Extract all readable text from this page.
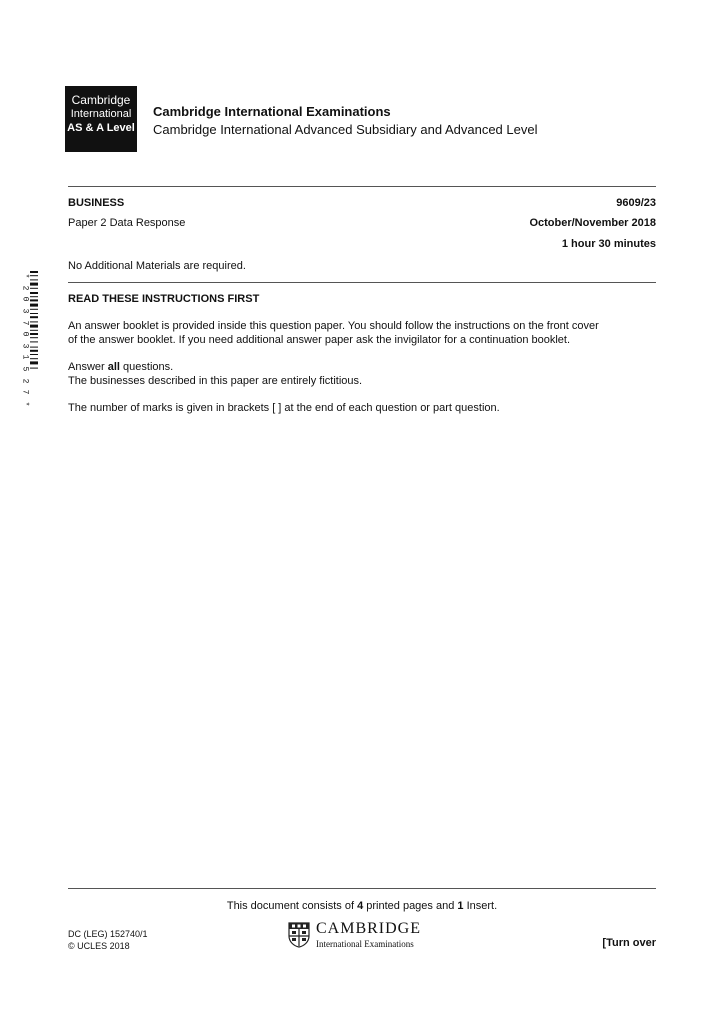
Cambridge
International
AS & A Level
Cambridge International Examinations
Cambridge International Advanced Subsidiary and Advanced Level
BUSINESS	9609/23
Paper 2 Data Response	October/November 2018
1 hour 30 minutes
No Additional Materials are required.
*
2
0
3
7
0
3
1
5
2
7
*
READ THESE INSTRUCTIONS FIRST
An answer booklet is provided inside this question paper. You should follow the instructions on the front cover
of the answer booklet. If you need additional answer paper ask the invigilator for a continuation booklet.
Answer all questions.
The businesses described in this paper are entirely fictitious.
The number of marks is given in brackets [ ] at the end of each question or part question.
This document consists of 4 printed pages and 1 Insert.
DC (LEG) 152740/1
© UCLES 2018
CAMBRIDGE
International Examinations	[Turn over
